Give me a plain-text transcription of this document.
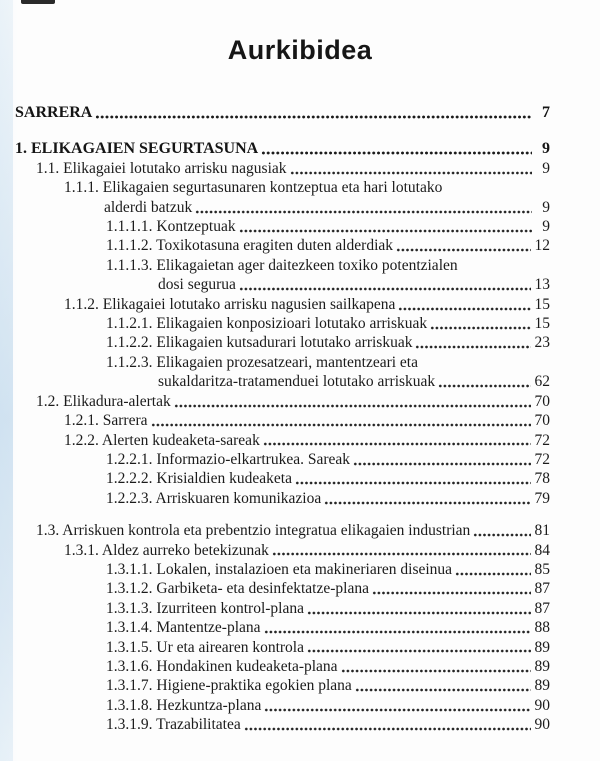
Aurkibidea
SARRERA	7
1. ELIKAGAIEN SEGURTASUNA	9
1.1. Elikagaiei lotutako arrisku nagusiak	9
1.1.1. Elikagaien segurtasunaren kontzeptua eta hari lotutako
alderdi batzuk	9
1.1.1.1. Kontzeptuak	9
1.1.1.2. Toxikotasuna eragiten duten alderdiak	12
1.1.1.3. Elikagaietan ager daitezkeen toxiko potentzialen
dosi segurua	13
1.1.2. Elikagaiei lotutako arrisku nagusien sailkapena	15
1.1.2.1. Elikagaien konposizioari lotutako arriskuak	15
1.1.2.2. Elikagaien kutsadurari lotutako arriskuak	23
1.1.2.3. Elikagaien prozesatzeari, mantentzeari eta
sukaldaritza-tratamenduei lotutako arriskuak	62
1.2. Elikadura-alertak	70
1.2.1. Sarrera	70
1.2.2. Alerten kudeaketa-sareak	72
1.2.2.1. Informazio-elkartrukea. Sareak	72
1.2.2.2. Krisialdien kudeaketa	78
1.2.2.3. Arriskuaren komunikazioa	79
1.3. Arriskuen kontrola eta prebentzio integratua elikagaien industrian	81
1.3.1. Aldez aurreko betekizunak	84
1.3.1.1. Lokalen, instalazioen eta makineriaren diseinua	85
1.3.1.2. Garbiketa- eta desinfektatze-plana	87
1.3.1.3. Izurriteen kontrol-plana	87
1.3.1.4. Mantentze-plana	88
1.3.1.5. Ur eta airearen kontrola	89
1.3.1.6. Hondakinen kudeaketa-plana	89
1.3.1.7. Higiene-praktika egokien plana	89
1.3.1.8. Hezkuntza-plana	90
1.3.1.9. Trazabilitatea	90
